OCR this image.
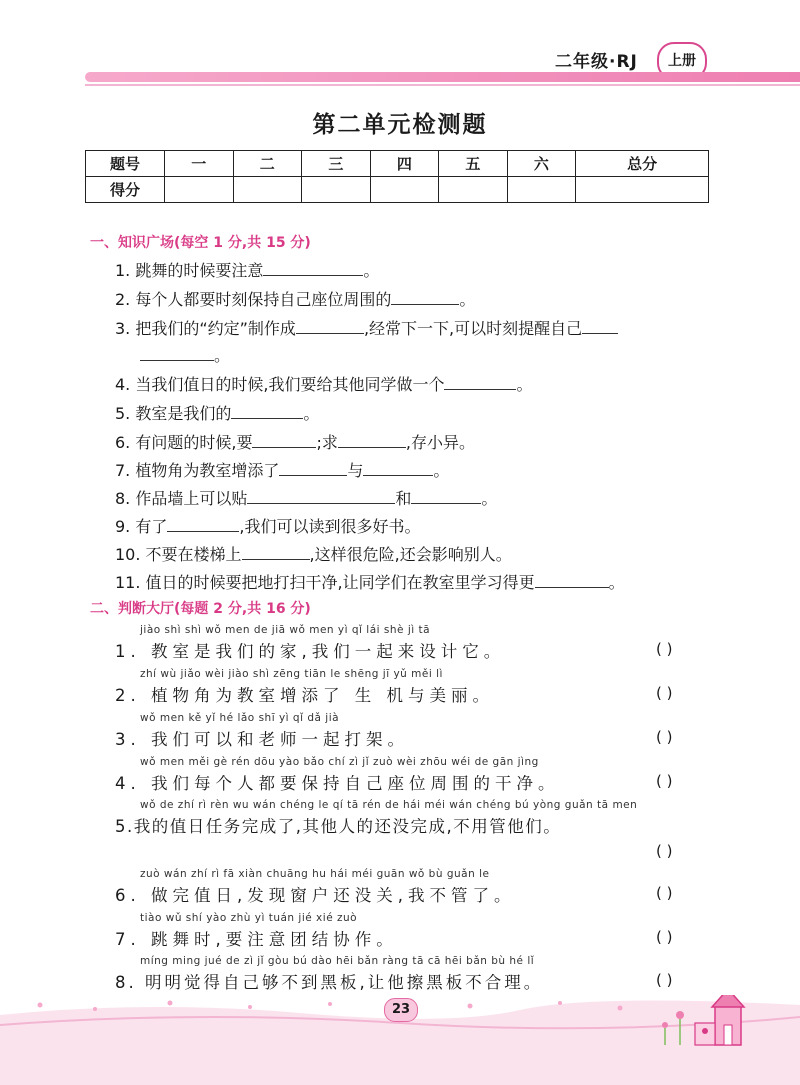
二年级·RJ	上册
第二单元检测题
题号	一	二	三	四	五	六	总分
得分							
一、知识广场(每空 1 分,共 15 分)
1. 跳舞的时候要注意	。
2. 每个人都要时刻保持自己座位周围的	。
3. 把我们的“约定”制作成	,经常下一下,可以时刻提醒自己
。
4. 当我们值日的时候,我们要给其他同学做一个	。
5. 教室是我们的	。
6. 有问题的时候,要	;求	,存小异。
7. 植物角为教室增添了	与	。
8. 作品墙上可以贴	和	。
9. 有了	,我们可以读到很多好书。
10. 不要在楼梯上	,这样很危险,还会影响别人。
11. 值日的时候要把地打扫干净,让同学们在教室里学习得更	。
二、判断大厅(每题 2 分,共 16 分)
jiào shì shì wǒ men de jiā wǒ men yì qǐ lái shè jì tā
1. 教室是我们的家,我们一起来设计它。	( )
zhí wù jiǎo wèi jiào shì zēng tiān le shēng jī yǔ měi lì
2. 植物角为教室增添了 生 机与美丽。	( )
wǒ men kě yǐ hé lǎo shī yì qǐ dǎ jià
3. 我们可以和老师一起打架。	( )
wǒ men měi gè rén dōu yào bǎo chí zì jǐ zuò wèi zhōu wéi de gān jìng
4. 我们每个人都要保持自己座位周围的干净。	( )
wǒ de zhí rì rèn wu wán chéng le qí tā rén de hái méi wán chéng bú yòng guǎn tā men
5.我的值日任务完成了,其他人的还没完成,不用管他们。
( )
zuò wán zhí rì fā xiàn chuāng hu hái méi guān wǒ bù guǎn le
6. 做完值日,发现窗户还没关,我不管了。	( )
tiào wǔ shí yào zhù yì tuán jié xié zuò
7. 跳舞时,要注意团结协作。	( )
míng ming jué de zì jǐ gòu bú dào hēi bǎn ràng tā cā hēi bǎn bù hé lǐ
8. 明明觉得自己够不到黑板,让他擦黑板不合理。	( )
23
